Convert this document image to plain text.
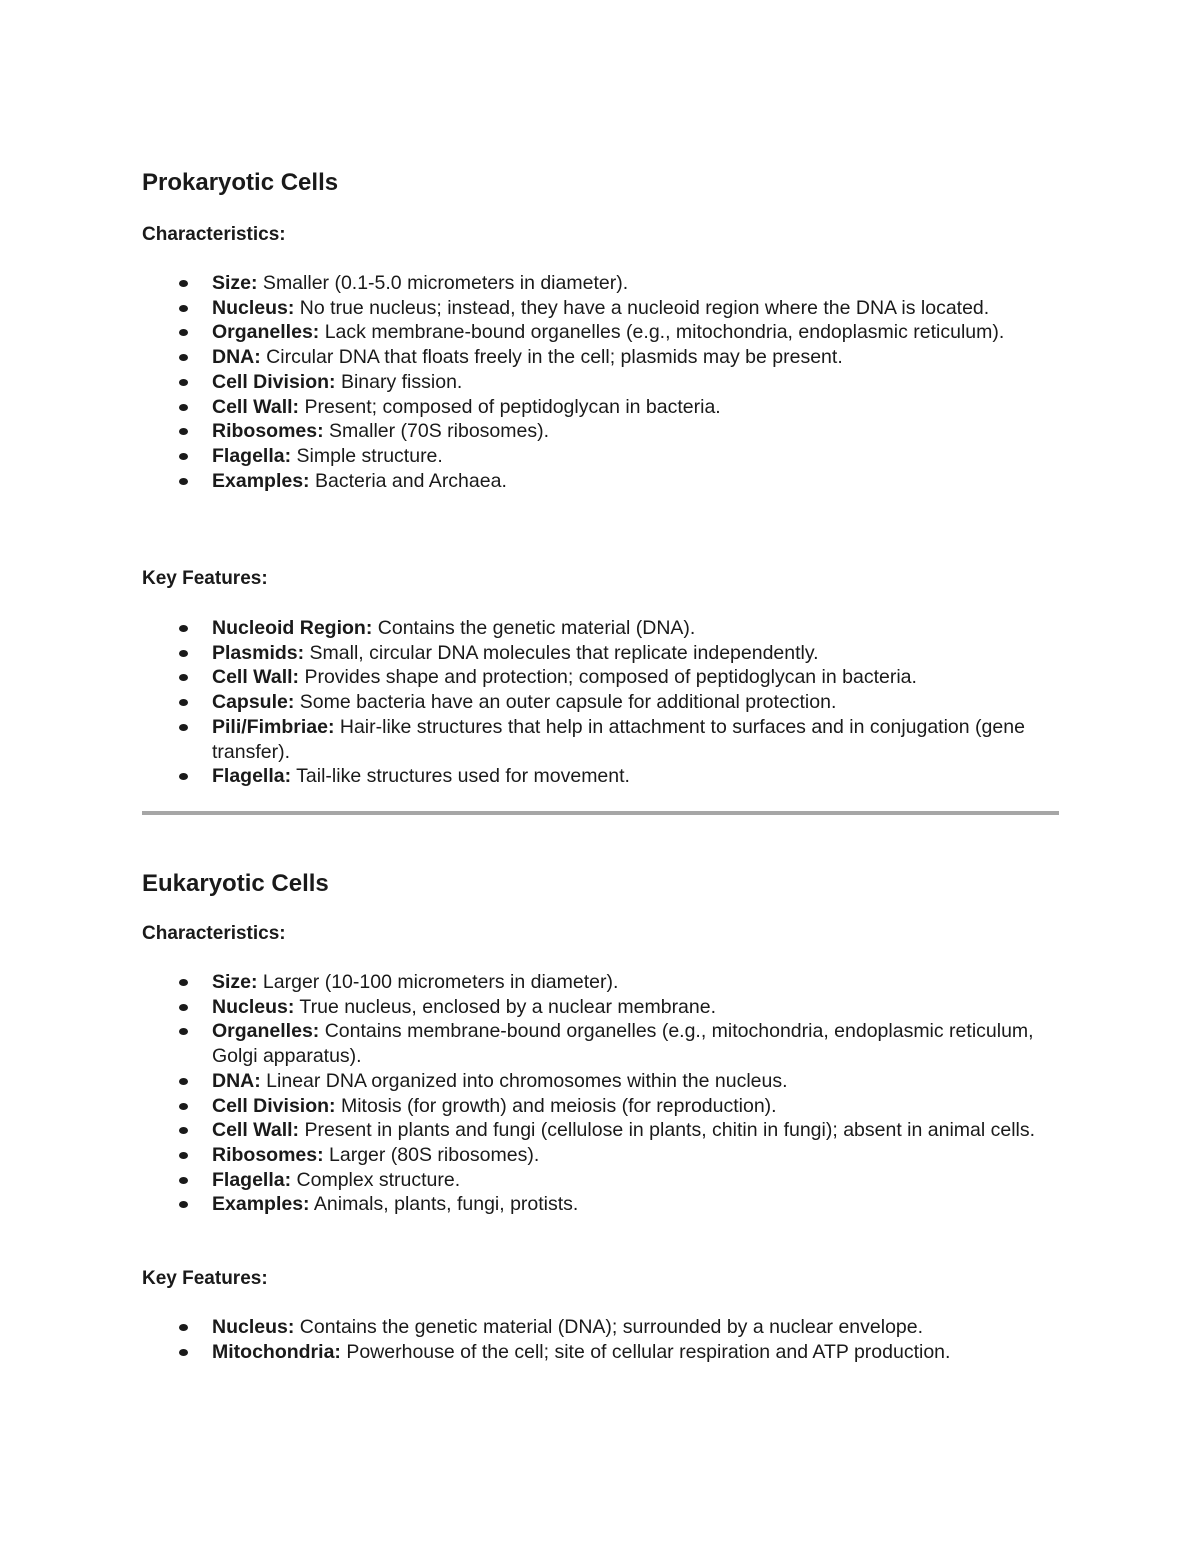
Prokaryotic Cells

Characteristics:

Size: Smaller (0.1-5.0 micrometers in diameter).
Nucleus: No true nucleus; instead, they have a nucleoid region where the DNA is located.
Organelles: Lack membrane-bound organelles (e.g., mitochondria, endoplasmic reticulum).
DNA: Circular DNA that floats freely in the cell; plasmids may be present.
Cell Division: Binary fission.
Cell Wall: Present; composed of peptidoglycan in bacteria.
Ribosomes: Smaller (70S ribosomes).
Flagella: Simple structure.
Examples: Bacteria and Archaea.

Key Features:

Nucleoid Region: Contains the genetic material (DNA).
Plasmids: Small, circular DNA molecules that replicate independently.
Cell Wall: Provides shape and protection; composed of peptidoglycan in bacteria.
Capsule: Some bacteria have an outer capsule for additional protection.
Pili/Fimbriae: Hair-like structures that help in attachment to surfaces and in conjugation (gene transfer).
Flagella: Tail-like structures used for movement.
Eukaryotic Cells

Characteristics:

Size: Larger (10-100 micrometers in diameter).
Nucleus: True nucleus, enclosed by a nuclear membrane.
Organelles: Contains membrane-bound organelles (e.g., mitochondria, endoplasmic reticulum, Golgi apparatus).
DNA: Linear DNA organized into chromosomes within the nucleus.
Cell Division: Mitosis (for growth) and meiosis (for reproduction).
Cell Wall: Present in plants and fungi (cellulose in plants, chitin in fungi); absent in animal cells.
Ribosomes: Larger (80S ribosomes).
Flagella: Complex structure.
Examples: Animals, plants, fungi, protists.

Key Features:

Nucleus: Contains the genetic material (DNA); surrounded by a nuclear envelope.
Mitochondria: Powerhouse of the cell; site of cellular respiration and ATP production.
